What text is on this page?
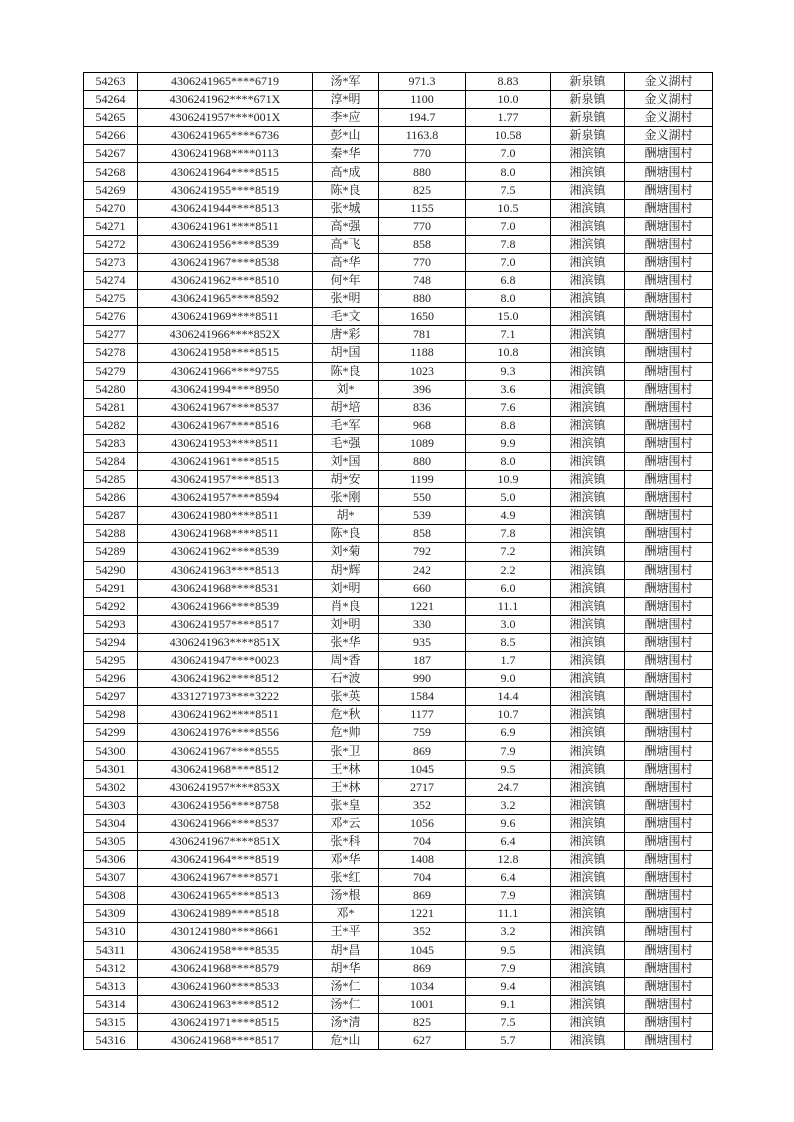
54263	4306241965****6719	汤*军	971.3	8.83	新泉镇	金义湖村
54264	4306241962****671X	淳*明	1100	10.0	新泉镇	金义湖村
54265	4306241957****001X	李*应	194.7	1.77	新泉镇	金义湖村
54266	4306241965****6736	彭*山	1163.8	10.58	新泉镇	金义湖村
54267	4306241968****0113	秦*华	770	7.0	湘滨镇	酬塘围村
54268	4306241964****8515	高*成	880	8.0	湘滨镇	酬塘围村
54269	4306241955****8519	陈*良	825	7.5	湘滨镇	酬塘围村
54270	4306241944****8513	张*城	1155	10.5	湘滨镇	酬塘围村
54271	4306241961****8511	高*强	770	7.0	湘滨镇	酬塘围村
54272	4306241956****8539	高*飞	858	7.8	湘滨镇	酬塘围村
54273	4306241967****8538	高*华	770	7.0	湘滨镇	酬塘围村
54274	4306241962****8510	何*年	748	6.8	湘滨镇	酬塘围村
54275	4306241965****8592	张*明	880	8.0	湘滨镇	酬塘围村
54276	4306241969****8511	毛*文	1650	15.0	湘滨镇	酬塘围村
54277	4306241966****852X	唐*彩	781	7.1	湘滨镇	酬塘围村
54278	4306241958****8515	胡*国	1188	10.8	湘滨镇	酬塘围村
54279	4306241966****9755	陈*良	1023	9.3	湘滨镇	酬塘围村
54280	4306241994****8950	刘*	396	3.6	湘滨镇	酬塘围村
54281	4306241967****8537	胡*培	836	7.6	湘滨镇	酬塘围村
54282	4306241967****8516	毛*军	968	8.8	湘滨镇	酬塘围村
54283	4306241953****8511	毛*强	1089	9.9	湘滨镇	酬塘围村
54284	4306241961****8515	刘*国	880	8.0	湘滨镇	酬塘围村
54285	4306241957****8513	胡*安	1199	10.9	湘滨镇	酬塘围村
54286	4306241957****8594	张*刚	550	5.0	湘滨镇	酬塘围村
54287	4306241980****8511	胡*	539	4.9	湘滨镇	酬塘围村
54288	4306241968****8511	陈*良	858	7.8	湘滨镇	酬塘围村
54289	4306241962****8539	刘*菊	792	7.2	湘滨镇	酬塘围村
54290	4306241963****8513	胡*辉	242	2.2	湘滨镇	酬塘围村
54291	4306241968****8531	刘*明	660	6.0	湘滨镇	酬塘围村
54292	4306241966****8539	肖*良	1221	11.1	湘滨镇	酬塘围村
54293	4306241957****8517	刘*明	330	3.0	湘滨镇	酬塘围村
54294	4306241963****851X	张*华	935	8.5	湘滨镇	酬塘围村
54295	4306241947****0023	周*香	187	1.7	湘滨镇	酬塘围村
54296	4306241962****8512	石*波	990	9.0	湘滨镇	酬塘围村
54297	4331271973****3222	张*英	1584	14.4	湘滨镇	酬塘围村
54298	4306241962****8511	危*秋	1177	10.7	湘滨镇	酬塘围村
54299	4306241976****8556	危*帅	759	6.9	湘滨镇	酬塘围村
54300	4306241967****8555	张*卫	869	7.9	湘滨镇	酬塘围村
54301	4306241968****8512	王*林	1045	9.5	湘滨镇	酬塘围村
54302	4306241957****853X	王*林	2717	24.7	湘滨镇	酬塘围村
54303	4306241956****8758	张*皇	352	3.2	湘滨镇	酬塘围村
54304	4306241966****8537	邓*云	1056	9.6	湘滨镇	酬塘围村
54305	4306241967****851X	张*科	704	6.4	湘滨镇	酬塘围村
54306	4306241964****8519	邓*华	1408	12.8	湘滨镇	酬塘围村
54307	4306241967****8571	张*红	704	6.4	湘滨镇	酬塘围村
54308	4306241965****8513	汤*根	869	7.9	湘滨镇	酬塘围村
54309	4306241989****8518	邓*	1221	11.1	湘滨镇	酬塘围村
54310	4301241980****8661	王*平	352	3.2	湘滨镇	酬塘围村
54311	4306241958****8535	胡*昌	1045	9.5	湘滨镇	酬塘围村
54312	4306241968****8579	胡*华	869	7.9	湘滨镇	酬塘围村
54313	4306241960****8533	汤*仁	1034	9.4	湘滨镇	酬塘围村
54314	4306241963****8512	汤*仁	1001	9.1	湘滨镇	酬塘围村
54315	4306241971****8515	汤*清	825	7.5	湘滨镇	酬塘围村
54316	4306241968****8517	危*山	627	5.7	湘滨镇	酬塘围村
